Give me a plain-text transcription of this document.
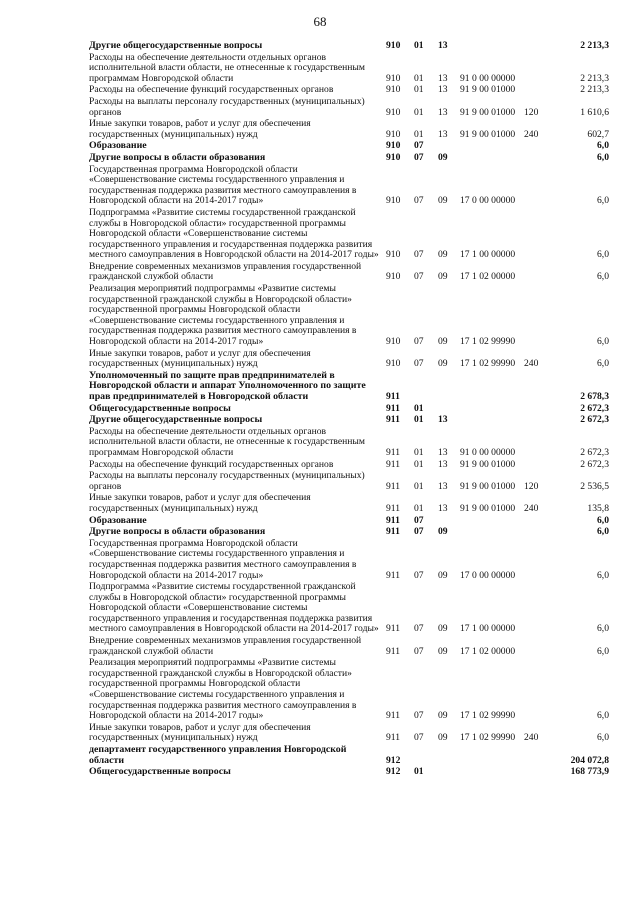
68
Другие общегосударственные вопросы	910	01	13			2 213,3
Расходы на обеспечение деятельности отдельных органов исполнительной власти области, не отнесенные к государственным программам Новгородской области	910	01	13	91 0 00 00000		2 213,3
Расходы на обеспечение функций государственных органов	910	01	13	91 9 00 01000		2 213,3
Расходы на выплаты персоналу государственных (муниципальных) органов	910	01	13	91 9 00 01000	120	1 610,6
Иные закупки товаров, работ и услуг для обеспечения государственных (муниципальных) нужд	910	01	13	91 9 00 01000	240	602,7
Образование	910	07				6,0
Другие вопросы в области образования	910	07	09			6,0
Государственная программа Новгородской области «Совершенствование системы государственного управления и государственная поддержка развития местного самоуправления в Новгородской области на 2014-2017 годы»	910	07	09	17 0 00 00000		6,0
Подпрограмма «Развитие системы государственной гражданской службы в Новгородской области» государственной программы Новгородской области «Совершенствование системы государственного управления и государственная поддержка развития местного самоуправления в Новгородской области на 2014-2017 годы»	910	07	09	17 1 00 00000		6,0
Внедрение современных механизмов управления государственной гражданской службой области	910	07	09	17 1 02 00000		6,0
Реализация мероприятий подпрограммы «Развитие системы государственной гражданской службы в Новгородской области» государственной программы Новгородской области «Совершенствование системы государственного управления и государственная поддержка развития местного самоуправления в Новгородской области на 2014-2017 годы»	910	07	09	17 1 02 99990		6,0
Иные закупки товаров, работ и услуг для обеспечения государственных (муниципальных) нужд	910	07	09	17 1 02 99990	240	6,0
Уполномоченный по защите прав предпринимателей в Новгородской области и аппарат Уполномоченного по защите прав предпринимателей в Новгородской области	911					2 678,3
Общегосударственные вопросы	911	01				2 672,3
Другие общегосударственные вопросы	911	01	13			2 672,3
Расходы на обеспечение деятельности отдельных органов исполнительной власти области, не отнесенные к государственным программам Новгородской области	911	01	13	91 0 00 00000		2 672,3
Расходы на обеспечение функций государственных органов	911	01	13	91 9 00 01000		2 672,3
Расходы на выплаты персоналу государственных (муниципальных) органов	911	01	13	91 9 00 01000	120	2 536,5
Иные закупки товаров, работ и услуг для обеспечения государственных (муниципальных) нужд	911	01	13	91 9 00 01000	240	135,8
Образование	911	07				6,0
Другие вопросы в области образования	911	07	09			6,0
Государственная программа Новгородской области «Совершенствование системы государственного управления и государственная поддержка развития местного самоуправления в Новгородской области на 2014-2017 годы»	911	07	09	17 0 00 00000		6,0
Подпрограмма «Развитие системы государственной гражданской службы в Новгородской области» государственной программы Новгородской области «Совершенствование системы государственного управления и государственная поддержка развития местного самоуправления в Новгородской области на 2014-2017 годы»	911	07	09	17 1 00 00000		6,0
Внедрение современных механизмов управления государственной гражданской службой области	911	07	09	17 1 02 00000		6,0
Реализация мероприятий подпрограммы «Развитие системы государственной гражданской службы в Новгородской области» государственной программы Новгородской области «Совершенствование системы государственного управления и государственная поддержка развития местного самоуправления в Новгородской области на 2014-2017 годы»	911	07	09	17 1 02 99990		6,0
Иные закупки товаров, работ и услуг для обеспечения государственных (муниципальных) нужд	911	07	09	17 1 02 99990	240	6,0
департамент государственного управления Новгородской области	912					204 072,8
Общегосударственные вопросы	912	01				168 773,9
